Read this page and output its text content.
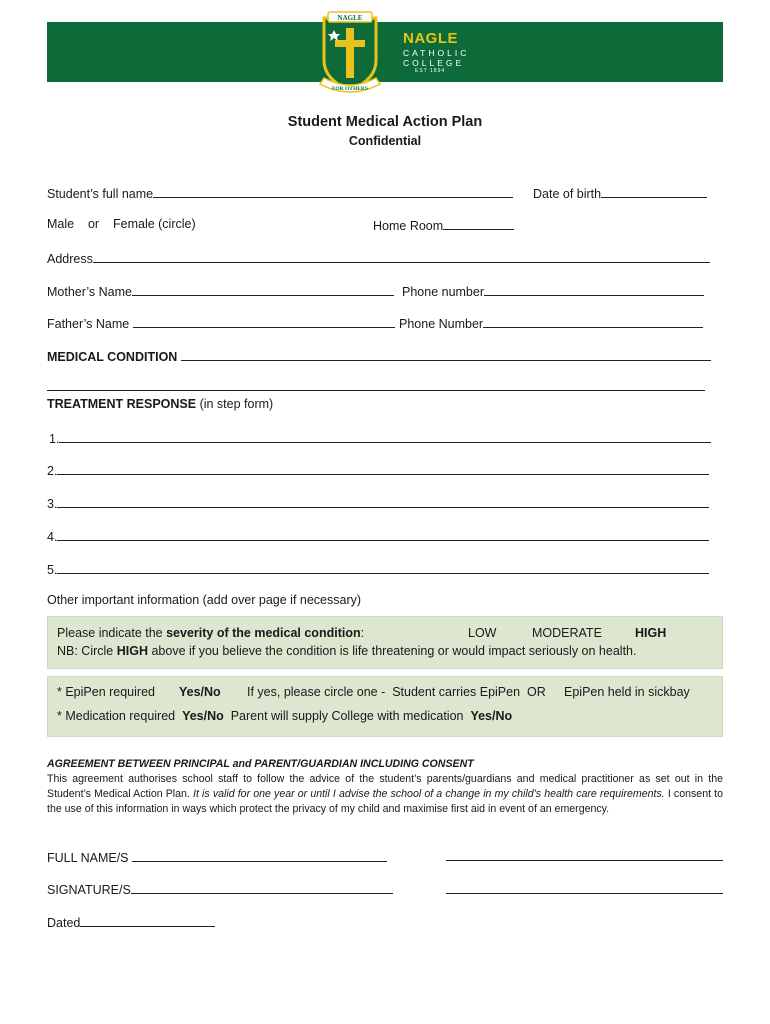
NAGLE
FOR OTHERS
NAGLE
CATHOLIC
COLLEGE
EST 1894
Student Medical Action Plan
Confidential
Student’s full name	Date of birth
Male    or    Female (circle)	Home Room
Address
Mother’s Name	Phone number
Father’s Name	Phone Number
MEDICAL CONDITION
TREATMENT RESPONSE (in step form)
1.
2.
3.
4.
5.
Other important information (add over page if necessary)
Please indicate the severity of the medical condition:	LOW	MODERATE	HIGH
NB: Circle HIGH above if you believe the condition is life threatening or would impact seriously on health.
* EpiPen required Yes/No If yes, please circle one -  Student carries EpiPen  OR EpiPen held in sickbay
* Medication required Yes/No Parent will supply College with medication Yes/No
AGREEMENT BETWEEN PRINCIPAL and PARENT/GUARDIAN INCLUDING CONSENT
This agreement authorises school staff to follow the advice of the student’s parents/guardians and medical practitioner as set out in the Student’s Medical Action Plan. It is valid for one year or until I advise the school of a change in my child’s health care requirements. I consent to the use of this information in ways which protect the privacy of my child and maximise first aid in event of an emergency.
FULL NAME/S
SIGNATURE/S
Dated
